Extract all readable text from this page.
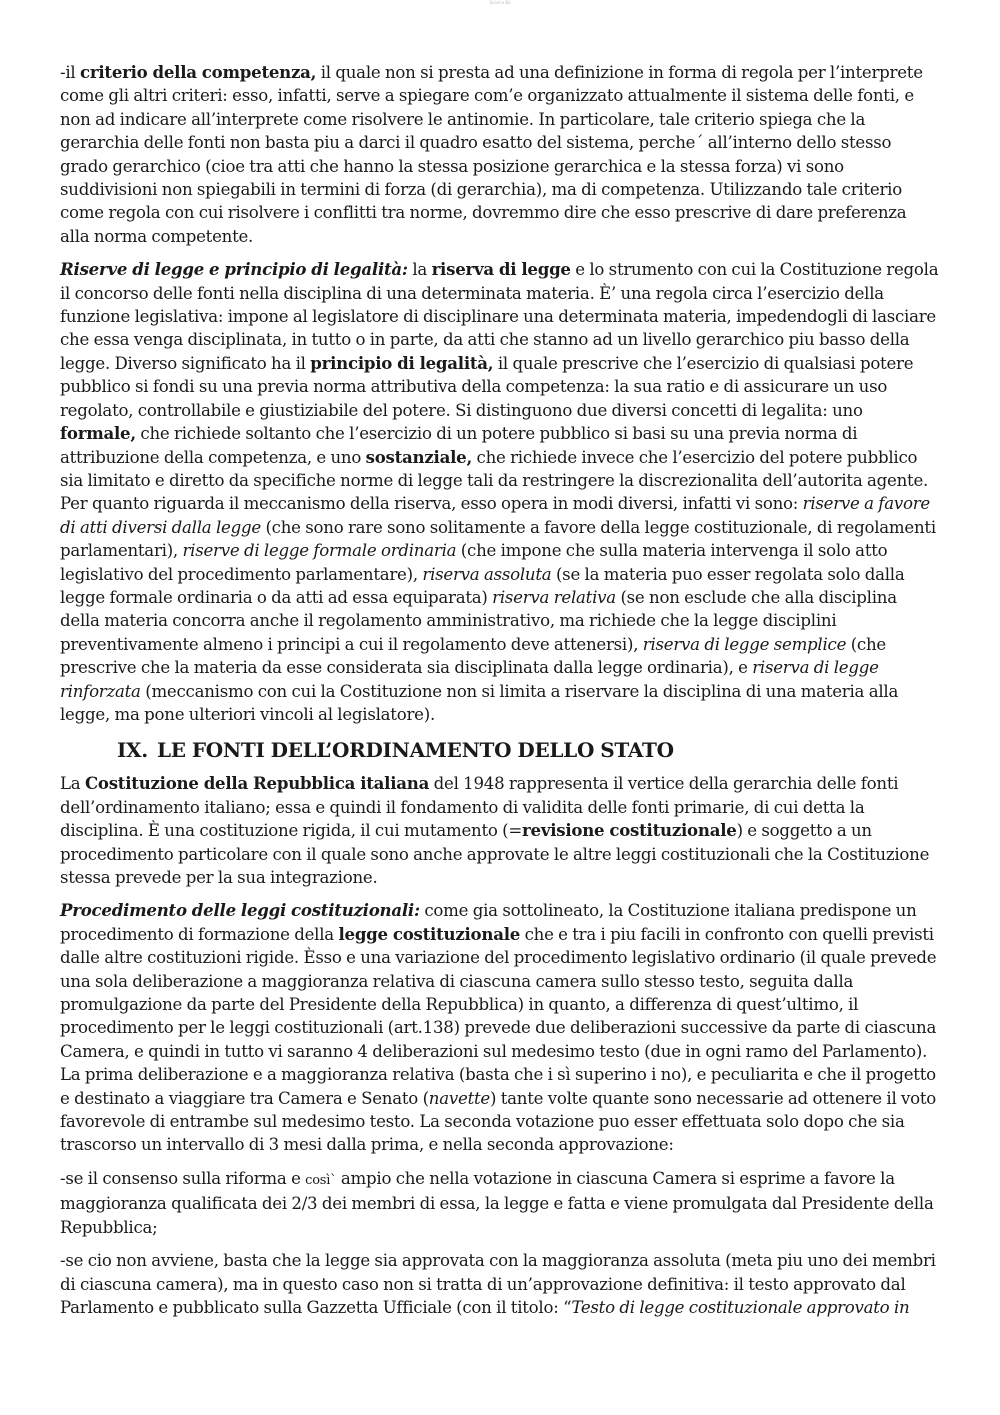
Scarica Bo

-il criterio della competenza, il quale non si presta ad una definizione in forma di regola per l’interprete come gli altri criteri: esso, infatti, serve a spiegare com’e organizzato attualmente il sistema delle fonti, e non ad indicare all’interprete come risolvere le antinomie. In particolare, tale criterio spiega che la gerarchia delle fonti non basta piu a darci il quadro esatto del sistema, perche´ all’interno dello stesso grado gerarchico (cioe tra atti che hanno la stessa posizione gerarchica e la stessa forza) vi sono suddivisioni non spiegabili in termini di forza (di gerarchia), ma di competenza. Utilizzando tale criterio come regola con cui risolvere i conflitti tra norme, dovremmo dire che esso prescrive di dare preferenza alla norma competente.

Riserve di legge e principio di legalità: la riserva di legge e lo strumento con cui la Costituzione regola il concorso delle fonti nella disciplina di una determinata materia. È’ una regola circa l’esercizio della funzione legislativa: impone al legislatore di disciplinare una determinata materia, impedendogli di lasciare che essa venga disciplinata, in tutto o in parte, da atti che stanno ad un livello gerarchico piu basso della legge. Diverso significato ha il principio di legalità, il quale prescrive che l’esercizio di qualsiasi potere pubblico si fondi su una previa norma attributiva della competenza: la sua ratio e di assicurare un uso regolato, controllabile e giustiziabile del potere. Si distinguono due diversi concetti di legalita: uno formale, che richiede soltanto che l’esercizio di un potere pubblico si basi su una previa norma di attribuzione della competenza, e uno sostanziale, che richiede invece che l’esercizio del potere pubblico sia limitato e diretto da specifiche norme di legge tali da restringere la discrezionalita dell’autorita agente. Per quanto riguarda il meccanismo della riserva, esso opera in modi diversi, infatti vi sono: riserve a favore di atti diversi dalla legge (che sono rare sono solitamente a favore della legge costituzionale, di regolamenti parlamentari), riserve di legge formale ordinaria (che impone che sulla materia intervenga il solo atto legislativo del procedimento parlamentare), riserva assoluta (se la materia puo esser regolata solo dalla legge formale ordinaria o da atti ad essa equiparata) riserva relativa (se non esclude che alla disciplina della materia concorra anche il regolamento amministrativo, ma richiede che la legge disciplini preventivamente almeno i principi a cui il regolamento deve attenersi), riserva di legge semplice (che prescrive che la materia da esse considerata sia disciplinata dalla legge ordinaria), e riserva di legge rinforzata (meccanismo con cui la Costituzione non si limita a riservare la disciplina di una materia alla legge, ma pone ulteriori vincoli al legislatore).

IX. LE FONTI DELL’ORDINAMENTO DELLO STATO

La Costituzione della Repubblica italiana del 1948 rappresenta il vertice della gerarchia delle fonti dell’ordinamento italiano; essa e quindi il fondamento di validita delle fonti primarie, di cui detta la disciplina. È una costituzione rigida, il cui mutamento (=revisione costituzionale) e soggetto a un procedimento particolare con il quale sono anche approvate le altre leggi costituzionali che la Costituzione stessa prevede per la sua integrazione.

Procedimento delle leggi costituzionali: come gia sottolineato, la Costituzione italiana predispone un procedimento di formazione della legge costituzionale che e tra i piu facili in confronto con quelli previsti dalle altre costituzioni rigide. Èsso e una variazione del procedimento legislativo ordinario (il quale prevede una sola deliberazione a maggioranza relativa di ciascuna camera sullo stesso testo, seguita dalla promulgazione da parte del Presidente della Repubblica) in quanto, a differenza di quest’ultimo, il procedimento per le leggi costituzionali (art.138) prevede due deliberazioni successive da parte di ciascuna Camera, e quindi in tutto vi saranno 4 deliberazioni sul medesimo testo (due in ogni ramo del Parlamento). La prima deliberazione e a maggioranza relativa (basta che i sì superino i no), e peculiarita e che il progetto e destinato a viaggiare tra Camera e Senato (navette) tante volte quante sono necessarie ad ottenere il voto favorevole di entrambe sul medesimo testo. La seconda votazione puo esser effettuata solo dopo che sia trascorso un intervallo di 3 mesi dalla prima, e nella seconda approvazione:

-se il consenso sulla riforma e così` ampio che nella votazione in ciascuna Camera si esprime a favore la maggioranza qualificata dei 2/3 dei membri di essa, la legge e fatta e viene promulgata dal Presidente della Repubblica;

-se cio non avviene, basta che la legge sia approvata con la maggioranza assoluta (meta piu uno dei membri di ciascuna camera), ma in questo caso non si tratta di un’approvazione definitiva: il testo approvato dal Parlamento e pubblicato sulla Gazzetta Ufficiale (con il titolo: “Testo di legge costituzionale approvato in
